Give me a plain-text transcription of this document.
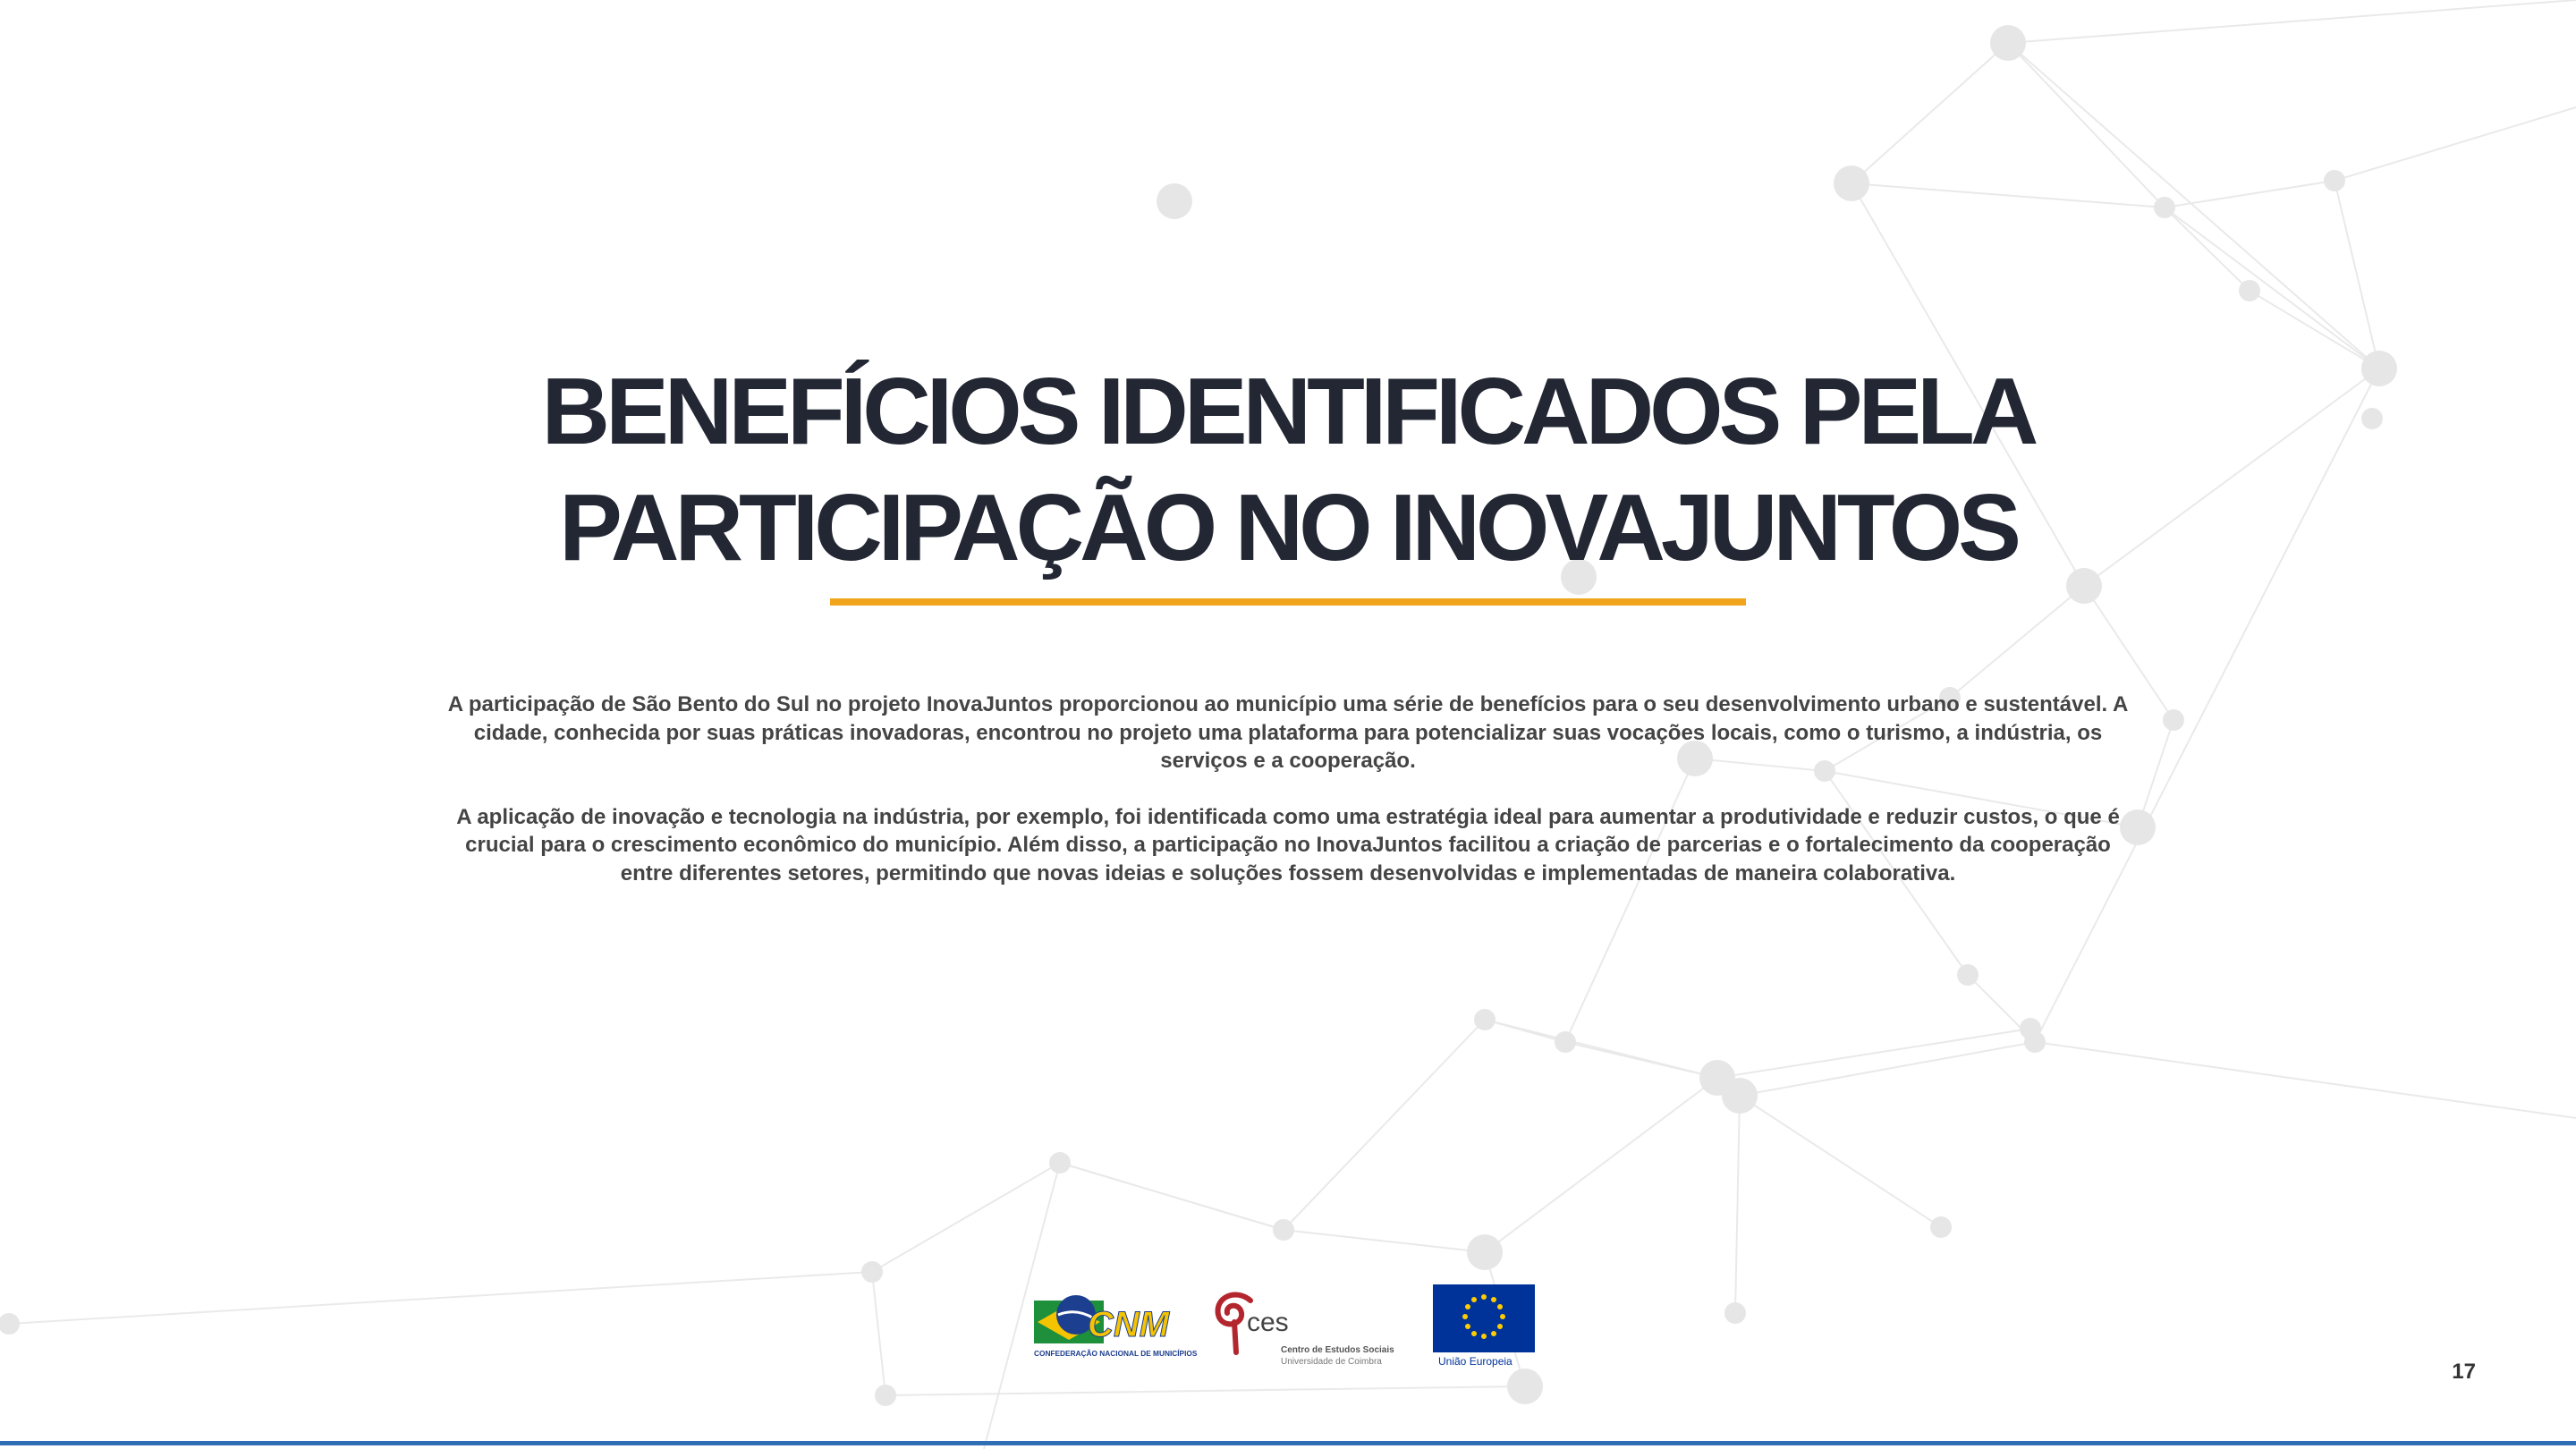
BENEFÍCIOS IDENTIFICADOS PELA
PARTICIPAÇÃO NO INOVAJUNTOS

A participação de São Bento do Sul no projeto InovaJuntos proporcionou ao município uma série de benefícios para o seu desenvolvimento urbano e sustentável. A cidade, conhecida por suas práticas inovadoras, encontrou no projeto uma plataforma para potencializar suas vocações locais, como o turismo, a indústria, os serviços e a cooperação.

A aplicação de inovação e tecnologia na indústria, por exemplo, foi identificada como uma estratégia ideal para aumentar a produtividade e reduzir custos, o que é crucial para o crescimento econômico do município. Além disso, a participação no InovaJuntos facilitou a criação de parcerias e o fortalecimento da cooperação entre diferentes setores, permitindo que novas ideias e soluções fossem desenvolvidas e implementadas de maneira colaborativa.

CNM
CONFEDERAÇÃO NACIONAL DE MUNICÍPIOS
ces
Centro de Estudos Sociais
Universidade de Coimbra	União Europeia	17
